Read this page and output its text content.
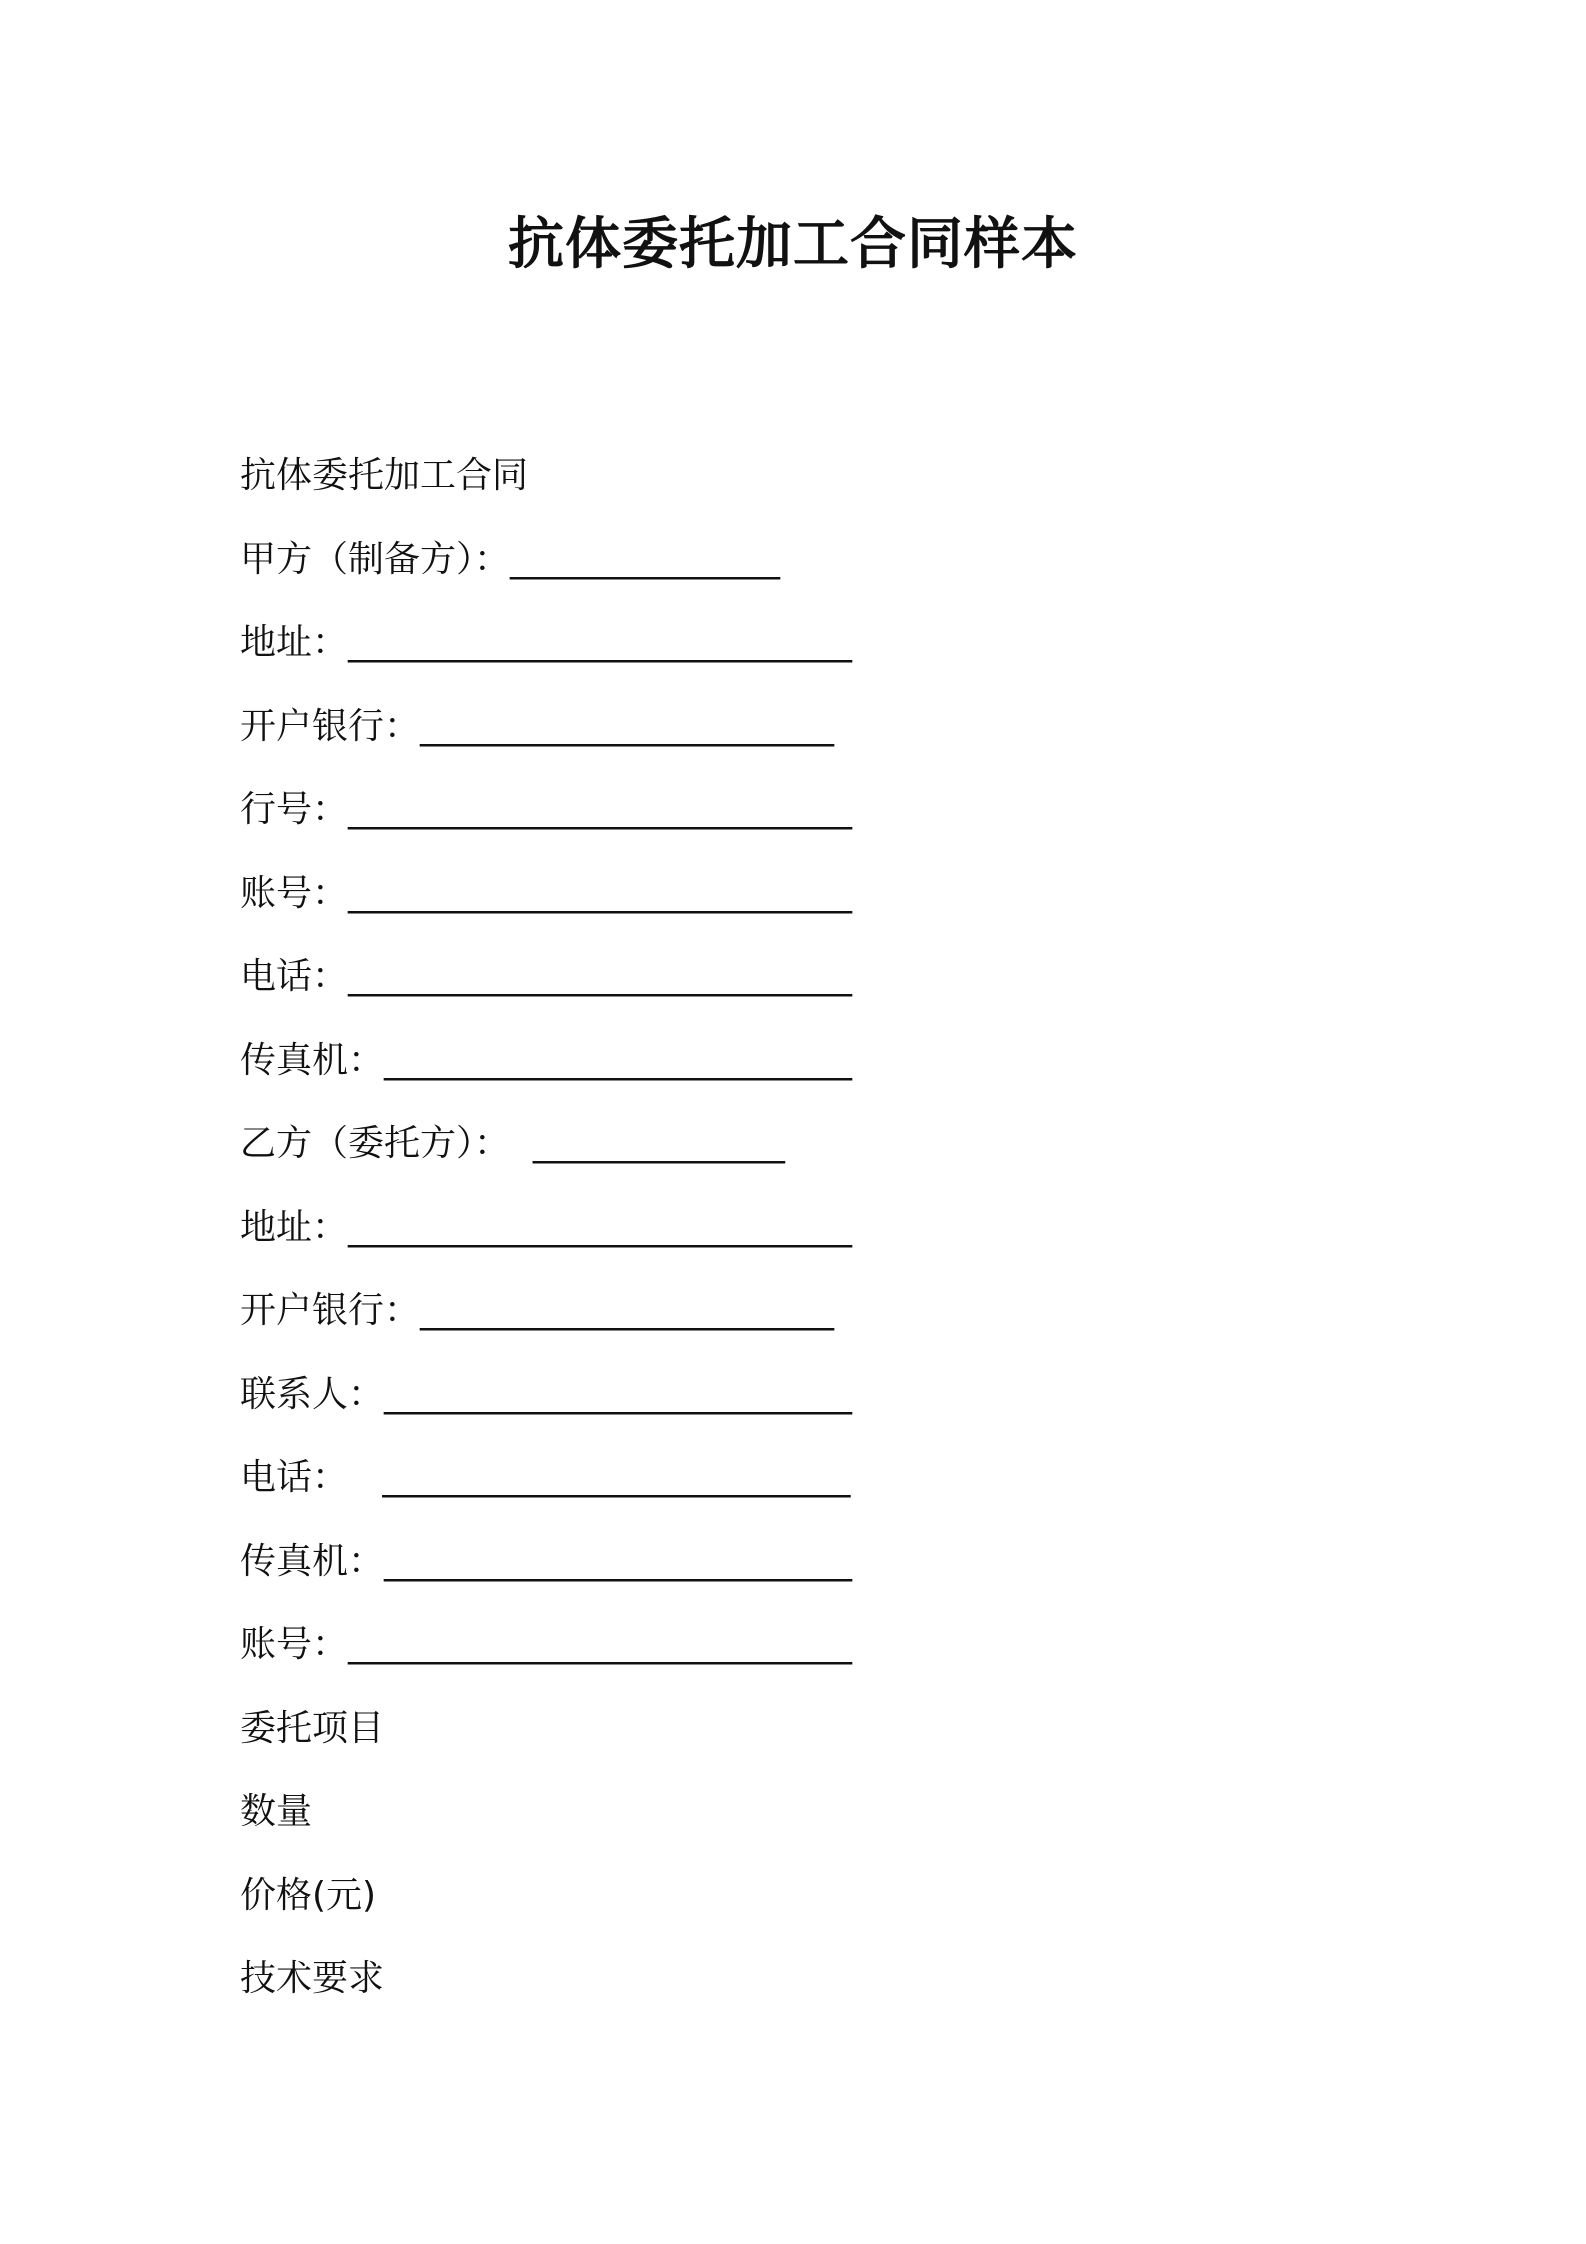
抗体委托加工合同样本
抗体委托加工合同
甲方（制备方）：_______________
地址：____________________________
开户银行：_______________________
行号：____________________________
账号：____________________________
电话：____________________________
传真机：__________________________
乙方（委托方）：  ______________
地址：____________________________
开户银行：_______________________
联系人：__________________________
电话：   __________________________
传真机：__________________________
账号：____________________________
委托项目
数量
价格(元)
技术要求
